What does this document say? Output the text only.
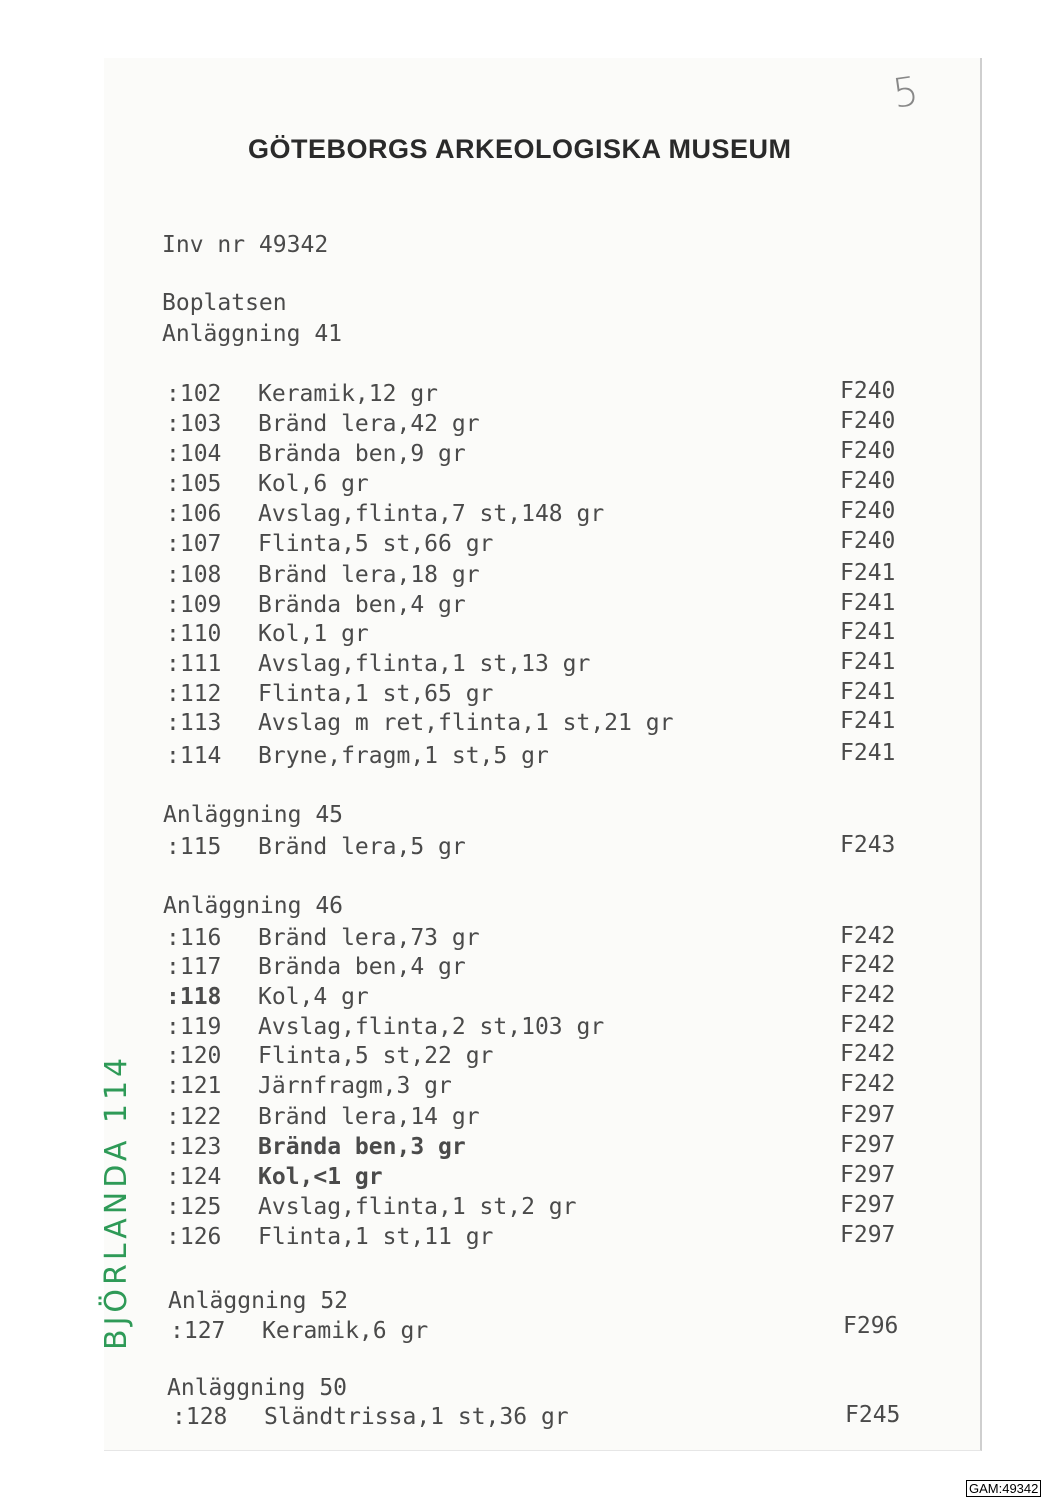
5
GÖTEBORGS ARKEOLOGISKA MUSEUM
Inv nr 49342
Boplatsen
Anläggning 41
:102 Keramik,12 gr	F240
:103 Bränd lera,42 gr	F240
:104 Brända ben,9 gr	F240
:105 Kol,6 gr	F240
:106 Avslag,flinta,7 st,148 gr	F240
:107 Flinta,5 st,66 gr	F240
:108 Bränd lera,18 gr	F241
:109 Brända ben,4 gr	F241
:110 Kol,1 gr	F241
:111 Avslag,flinta,1 st,13 gr	F241
:112 Flinta,1 st,65 gr	F241
:113 Avslag m ret,flinta,1 st,21 gr	F241
:114 Bryne,fragm,1 st,5 gr	F241
Anläggning 45
:115 Bränd lera,5 gr	F243
Anläggning 46
:116 Bränd lera,73 gr	F242
:117 Brända ben,4 gr	F242
:118 Kol,4 gr	F242
:119 Avslag,flinta,2 st,103 gr	F242
:120 Flinta,5 st,22 gr	F242
:121 Järnfragm,3 gr	F242
:122 Bränd lera,14 gr	F297
:123 Brända ben,3 gr	F297
:124 Kol,<1 gr	F297
:125 Avslag,flinta,1 st,2 gr	F297
:126 Flinta,1 st,11 gr	F297
Anläggning 52
:127 Keramik,6 gr	F296
Anläggning 50
:128 Sländtrissa,1 st,36 gr	F245
BJÖRLANDA 114
GAM:49342
